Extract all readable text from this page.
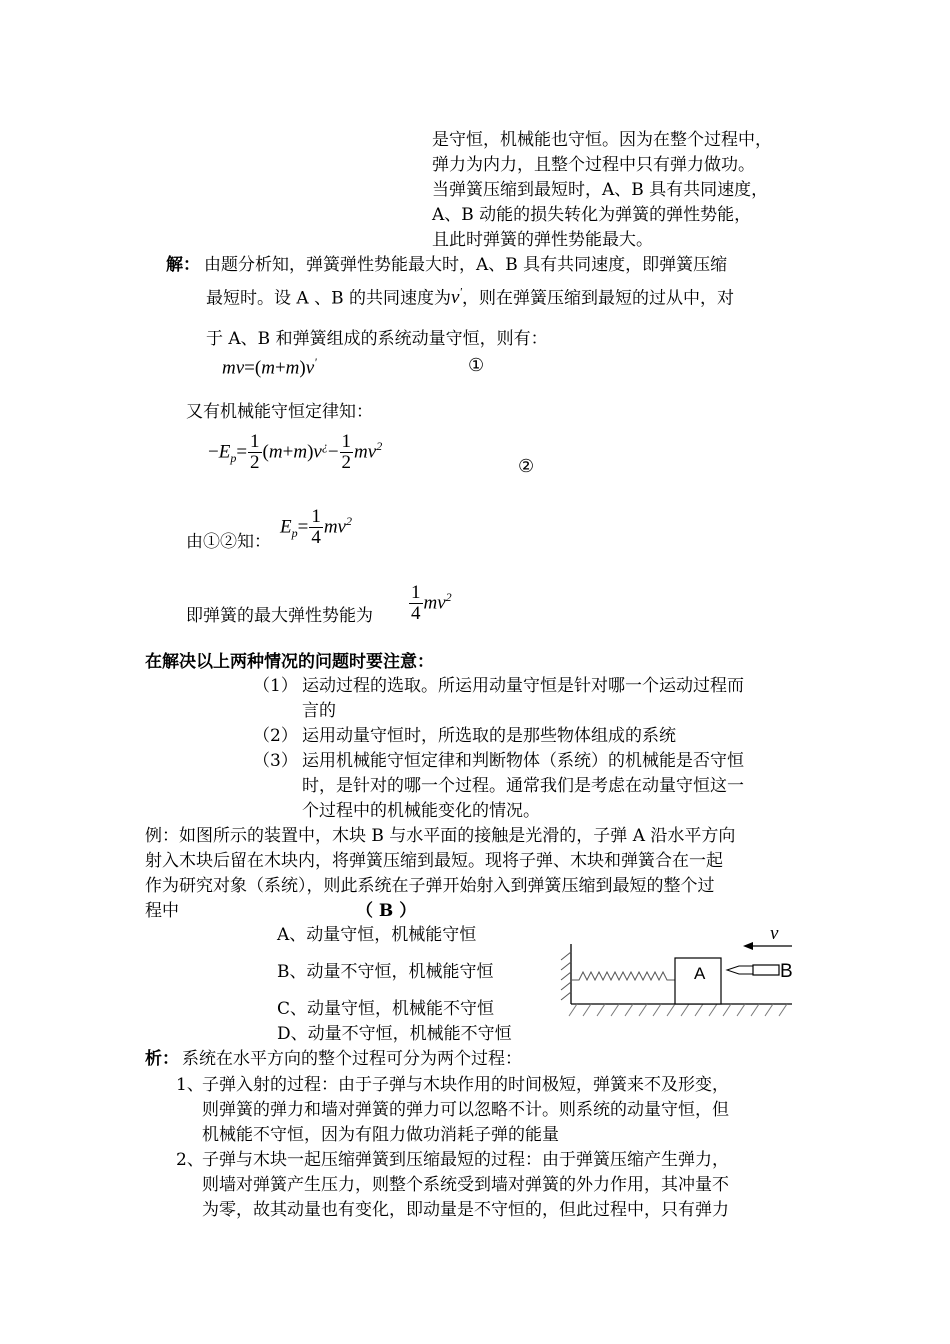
是守恒，机械能也守恒。因为在整个过程中，
弹力为内力，且整个过程中只有弹力做功。
当弹簧压缩到最短时，A、B 具有共同速度，
A、B 动能的损失转化为弹簧的弹性势能，
且此时弹簧的弹性势能最大。
解： 由题分析知，弹簧弹性势能最大时，A、B 具有共同速度，即弹簧压缩
最短时。设 A 、B 的共同速度为v'，则在弹簧压缩到最短的过从中，对
于 A、B 和弹簧组成的系统动量守恒，则有：
mv=(m+m)v'	①
又有机械能守恒定律知：
$-E_p= \frac{1}{2} (m+m)v^¿- \frac{1}{2} mv^2$
②
$E_p= \frac{1}{4} mv^2$
由①②知：
$\frac{1}{4} mv^2$
即弹簧的最大弹性势能为
在解决以上两种情况的问题时要注意：
（1） 运动过程的选取。所运用动量守恒是针对哪一个运动过程而
言的
（2） 运用动量守恒时，所选取的是那些物体组成的系统
（3） 运用机械能守恒定律和判断物体（系统）的机械能是否守恒
时，是针对的哪一个过程。通常我们是考虑在动量守恒这一
个过程中的机械能变化的情况。
例：如图所示的装置中，木块 B 与水平面的接触是光滑的，子弹 A 沿水平方向
射入木块后留在木块内，将弹簧压缩到最短。现将子弹、木块和弹簧合在一起
作为研究对象（系统），则此系统在子弹开始射入到弹簧压缩到最短的整个过
程中	（ B ）
A、动量守恒，机械能守恒
B、动量不守恒，机械能守恒
C、动量守恒，机械能不守恒
D、动量不守恒，机械能不守恒
A	B
v
析： 系统在水平方向的整个过程可分为两个过程：
1、
子弹入射的过程：由于子弹与木块作用的时间极短，弹簧来不及形变，
则弹簧的弹力和墙对弹簧的弹力可以忽略不计。则系统的动量守恒，但
机械能不守恒，因为有阻力做功消耗子弹的能量
2、
子弹与木块一起压缩弹簧到压缩最短的过程：由于弹簧压缩产生弹力，
则墙对弹簧产生压力，则整个系统受到墙对弹簧的外力作用，其冲量不
为零，故其动量也有变化，即动量是不守恒的，但此过程中，只有弹力
